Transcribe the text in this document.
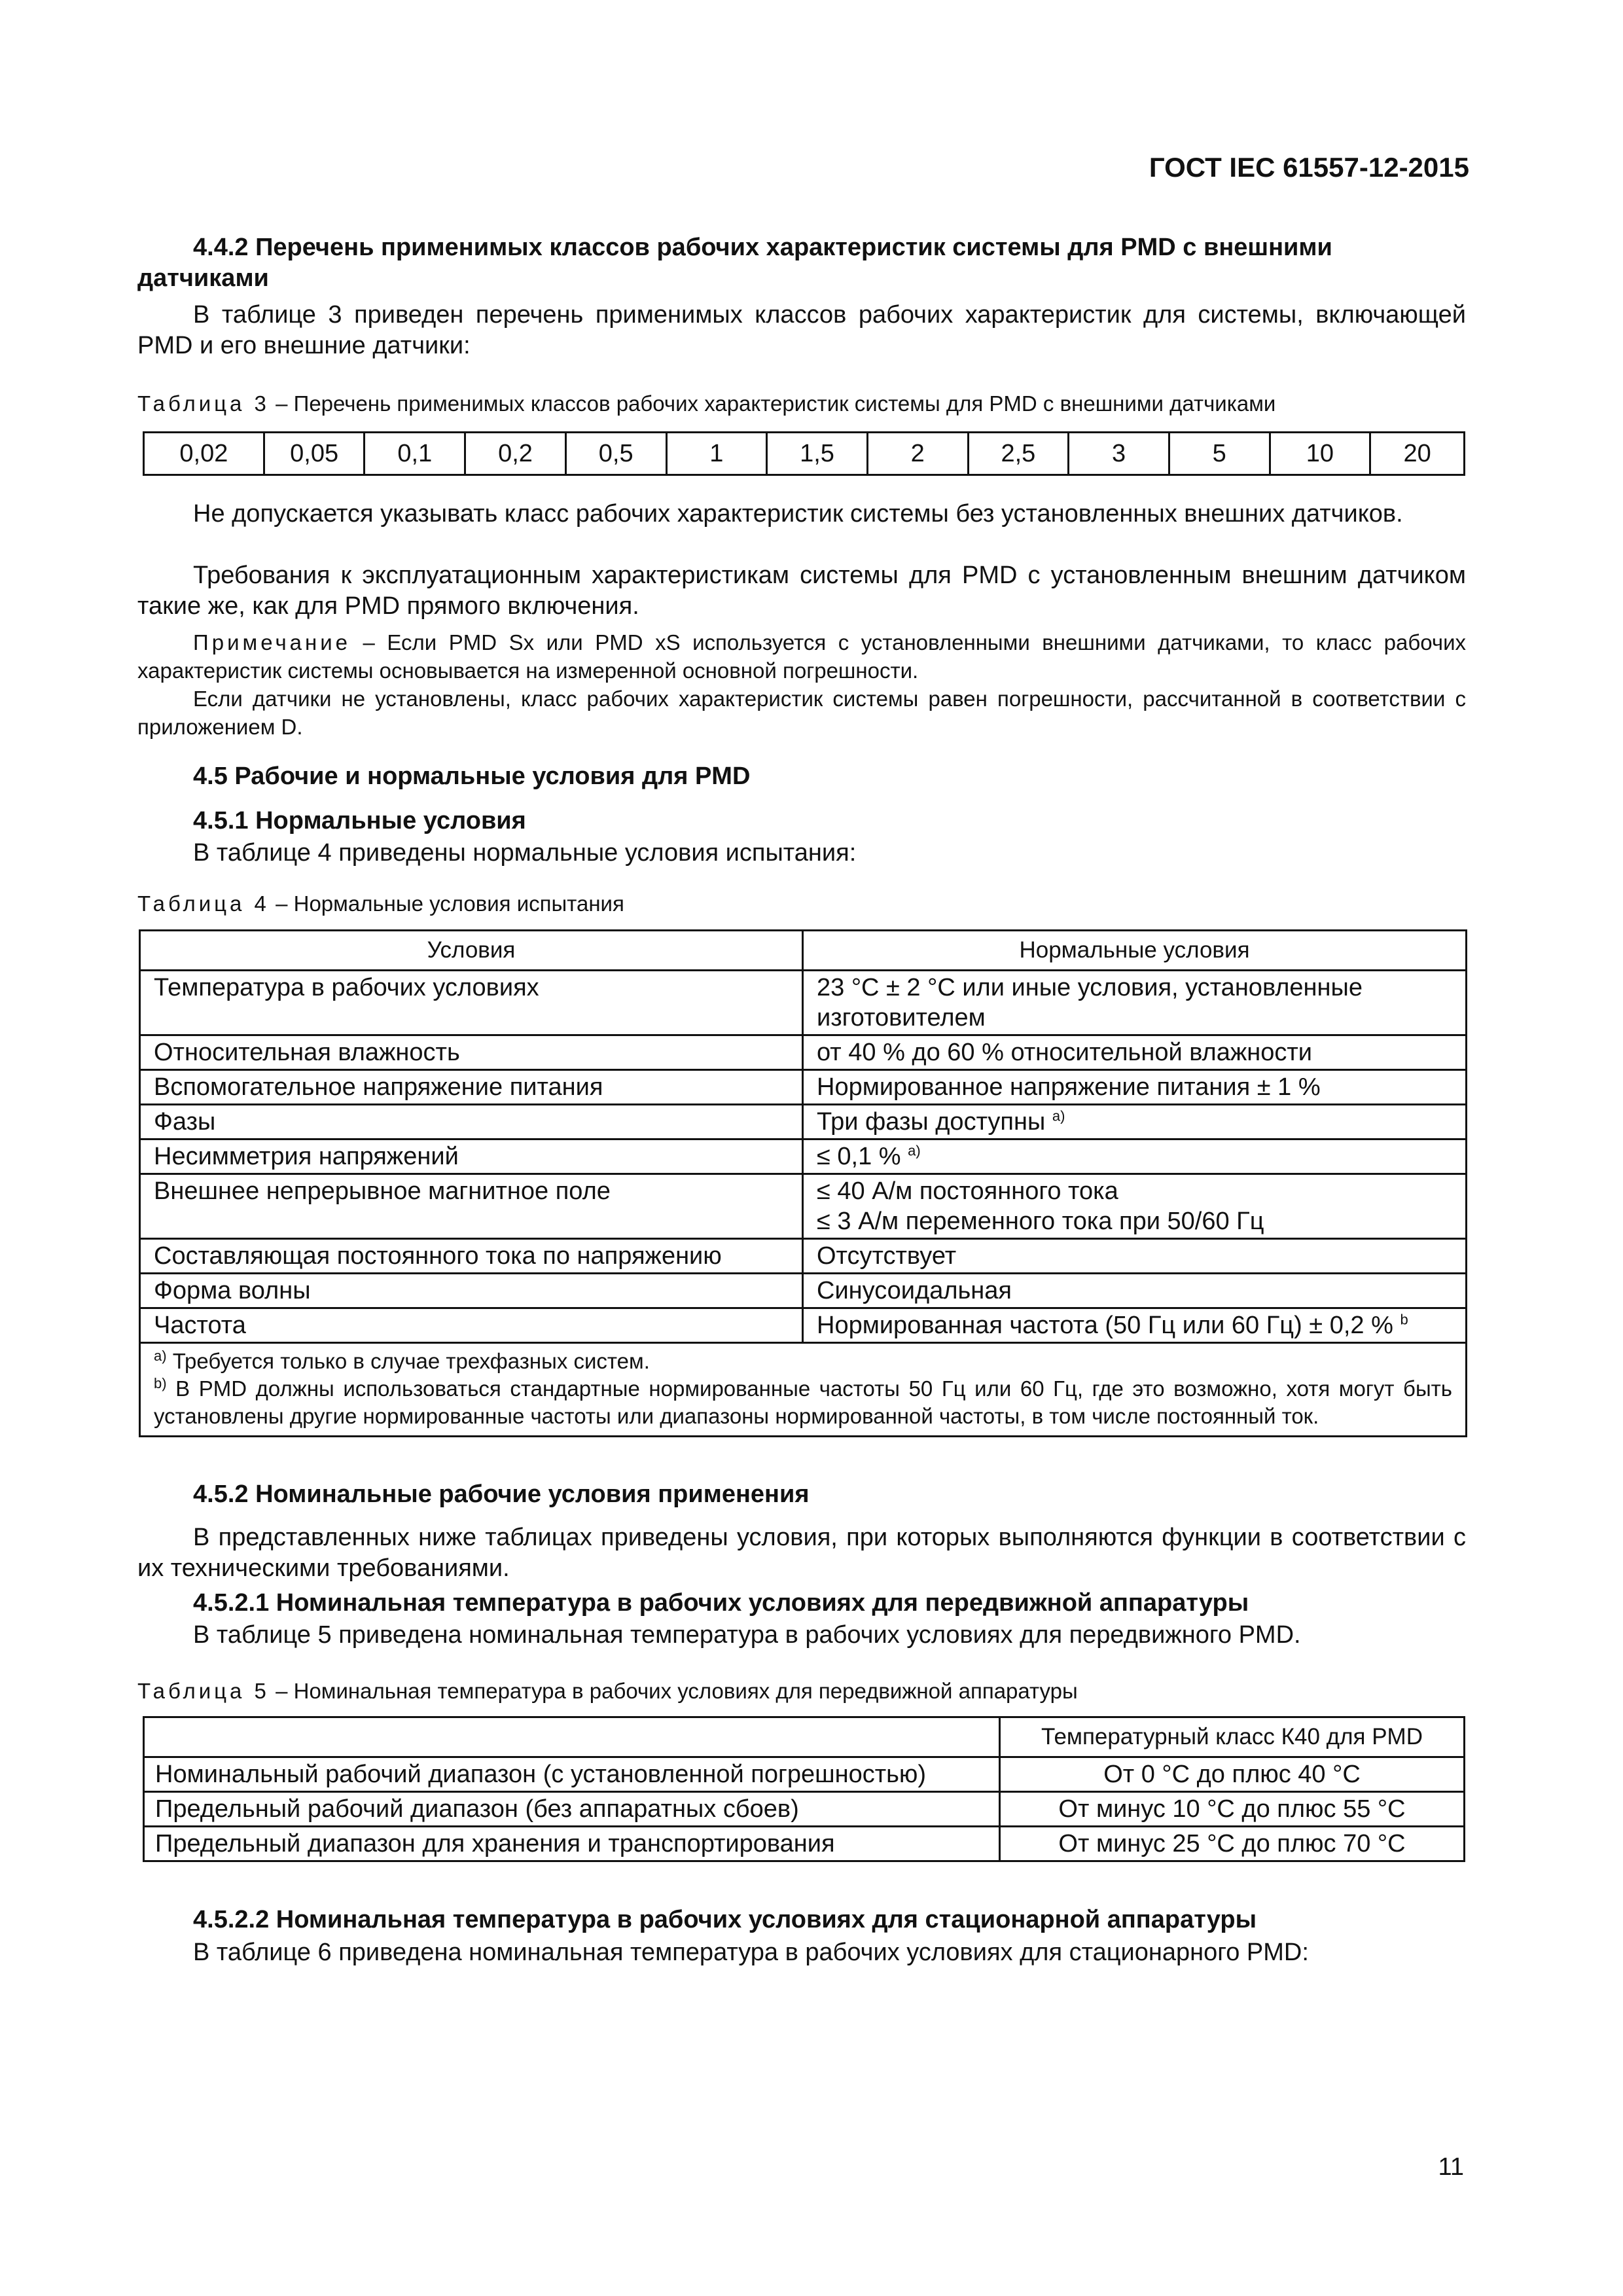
ГОСТ IEC 61557-12-2015
4.4.2 Перечень применимых классов рабочих характеристик системы для PMD с внешними датчиками
В таблице 3 приведен перечень применимых классов рабочих характеристик для системы, включающей PMD и его внешние датчики:
Таблица 3 – Перечень применимых классов рабочих характеристик системы для PMD с внешними датчиками
0,02	0,05	0,1	0,2	0,5	1	1,5	2	2,5	3	5	10	20
Не допускается указывать класс рабочих характеристик системы без установленных внешних датчиков.
Требования к эксплуатационным характеристикам системы для PMD с установленным внешним датчиком такие же, как для PMD прямого включения.
Примечание – Если PMD Sx или PMD xS используется с установленными внешними датчиками, то класс рабочих характеристик системы основывается на измеренной основной погрешности.
Если датчики не установлены, класс рабочих характеристик системы равен погрешности, рассчитанной в соответствии с приложением D.
4.5 Рабочие и нормальные условия для PMD
4.5.1 Нормальные условия
В таблице 4 приведены нормальные условия испытания:
Таблица 4 – Нормальные условия испытания
Условия	Нормальные условия
Температура в рабочих условиях	23 °C ± 2 °C или иные условия, установленные изготовителем
Относительная влажность	от 40 % до 60 % относительной влажности
Вспомогательное напряжение питания	Нормированное напряжение питания ± 1 %
Фазы	Три фазы доступны $^{a)}$
Несимметрия напряжений	≤ 0,1 % $^{a)}$
Внешнее непрерывное магнитное поле	≤ 40 А/м постоянного тока
≤ 3 А/м переменного тока при 50/60 Гц

Составляющая постоянного тока по напряжению	Отсутствует
Форма волны	Синусоидальная
Частота	Нормированная частота (50 Гц или 60 Гц) ± 0,2 % $^b$

$^{a)}$ Требуется только в случае трехфазных систем.
$^{b)}$ В PMD должны использоваться стандартные нормированные частоты 50 Гц или 60 Гц, где это возможно, хотя могут быть установлены другие нормированные частоты или диапазоны нормированной частоты, в том числе постоянный ток.	
4.5.2 Номинальные рабочие условия применения
В представленных ниже таблицах приведены условия, при которых выполняются функции в соответствии с их техническими требованиями.
4.5.2.1 Номинальная температура в рабочих условиях для передвижной аппаратуры
В таблице 5 приведена номинальная температура в рабочих условиях для передвижного PMD.
Таблица 5 – Номинальная температура в рабочих условиях для передвижной аппаратуры
	Температурный класс К40 для PMD
Номинальный рабочий диапазон (с установленной погрешностью)	От 0 °С до плюс 40 °С
Предельный рабочий диапазон (без аппаратных сбоев)	От минус 10 °С до плюс 55 °С
Предельный диапазон для хранения и транспортирования	От минус 25 °С до плюс 70 °С
4.5.2.2 Номинальная температура в рабочих условиях для стационарной аппаратуры
В таблице 6 приведена номинальная температура в рабочих условиях для стационарного PMD:
11
